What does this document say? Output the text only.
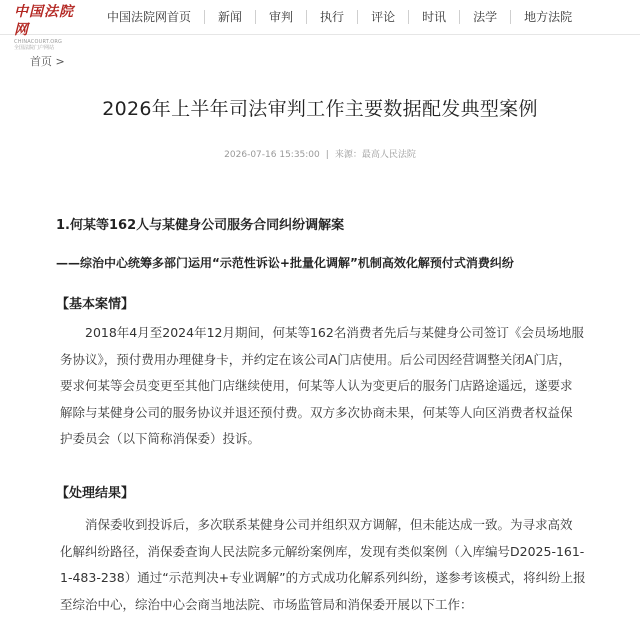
中国法院网
CHINACOURT.ORG
全国法院门户网站
中国法院网首页	新闻	审判	执行	评论	时讯	法学	地方法院
首页 >
2026年上半年司法审判工作主要数据配发典型案例
2026-07-16 15:35:00 | 来源：最高人民法院
1.何某等162人与某健身公司服务合同纠纷调解案
——综治中心统筹多部门运用“示范性诉讼+批量化调解”机制高效化解预付式消费纠纷
【基本案情】

2018年4月至2024年12月期间，何某等162名消费者先后与某健身公司签订《会员场地服
务协议》，预付费用办理健身卡，并约定在该公司A门店使用。后公司因经营调整关闭A门店，
要求何某等会员变更至其他门店继续使用，何某等人认为变更后的服务门店路途遥远，遂要求
解除与某健身公司的服务协议并退还预付费。双方多次协商未果，何某等人向区消费者权益保
护委员会（以下简称消保委）投诉。

【处理结果】

消保委收到投诉后，多次联系某健身公司并组织双方调解，但未能达成一致。为寻求高效
化解纠纷路径，消保委查询人民法院多元解纷案例库，发现有类似案例（入库编号D2025-161-
1-483-238）通过“示范判决+专业调解”的方式成功化解系列纠纷，遂参考该模式，将纠纷上报
至综治中心，综治中心会商当地法院、市场监管局和消保委开展以下工作：
